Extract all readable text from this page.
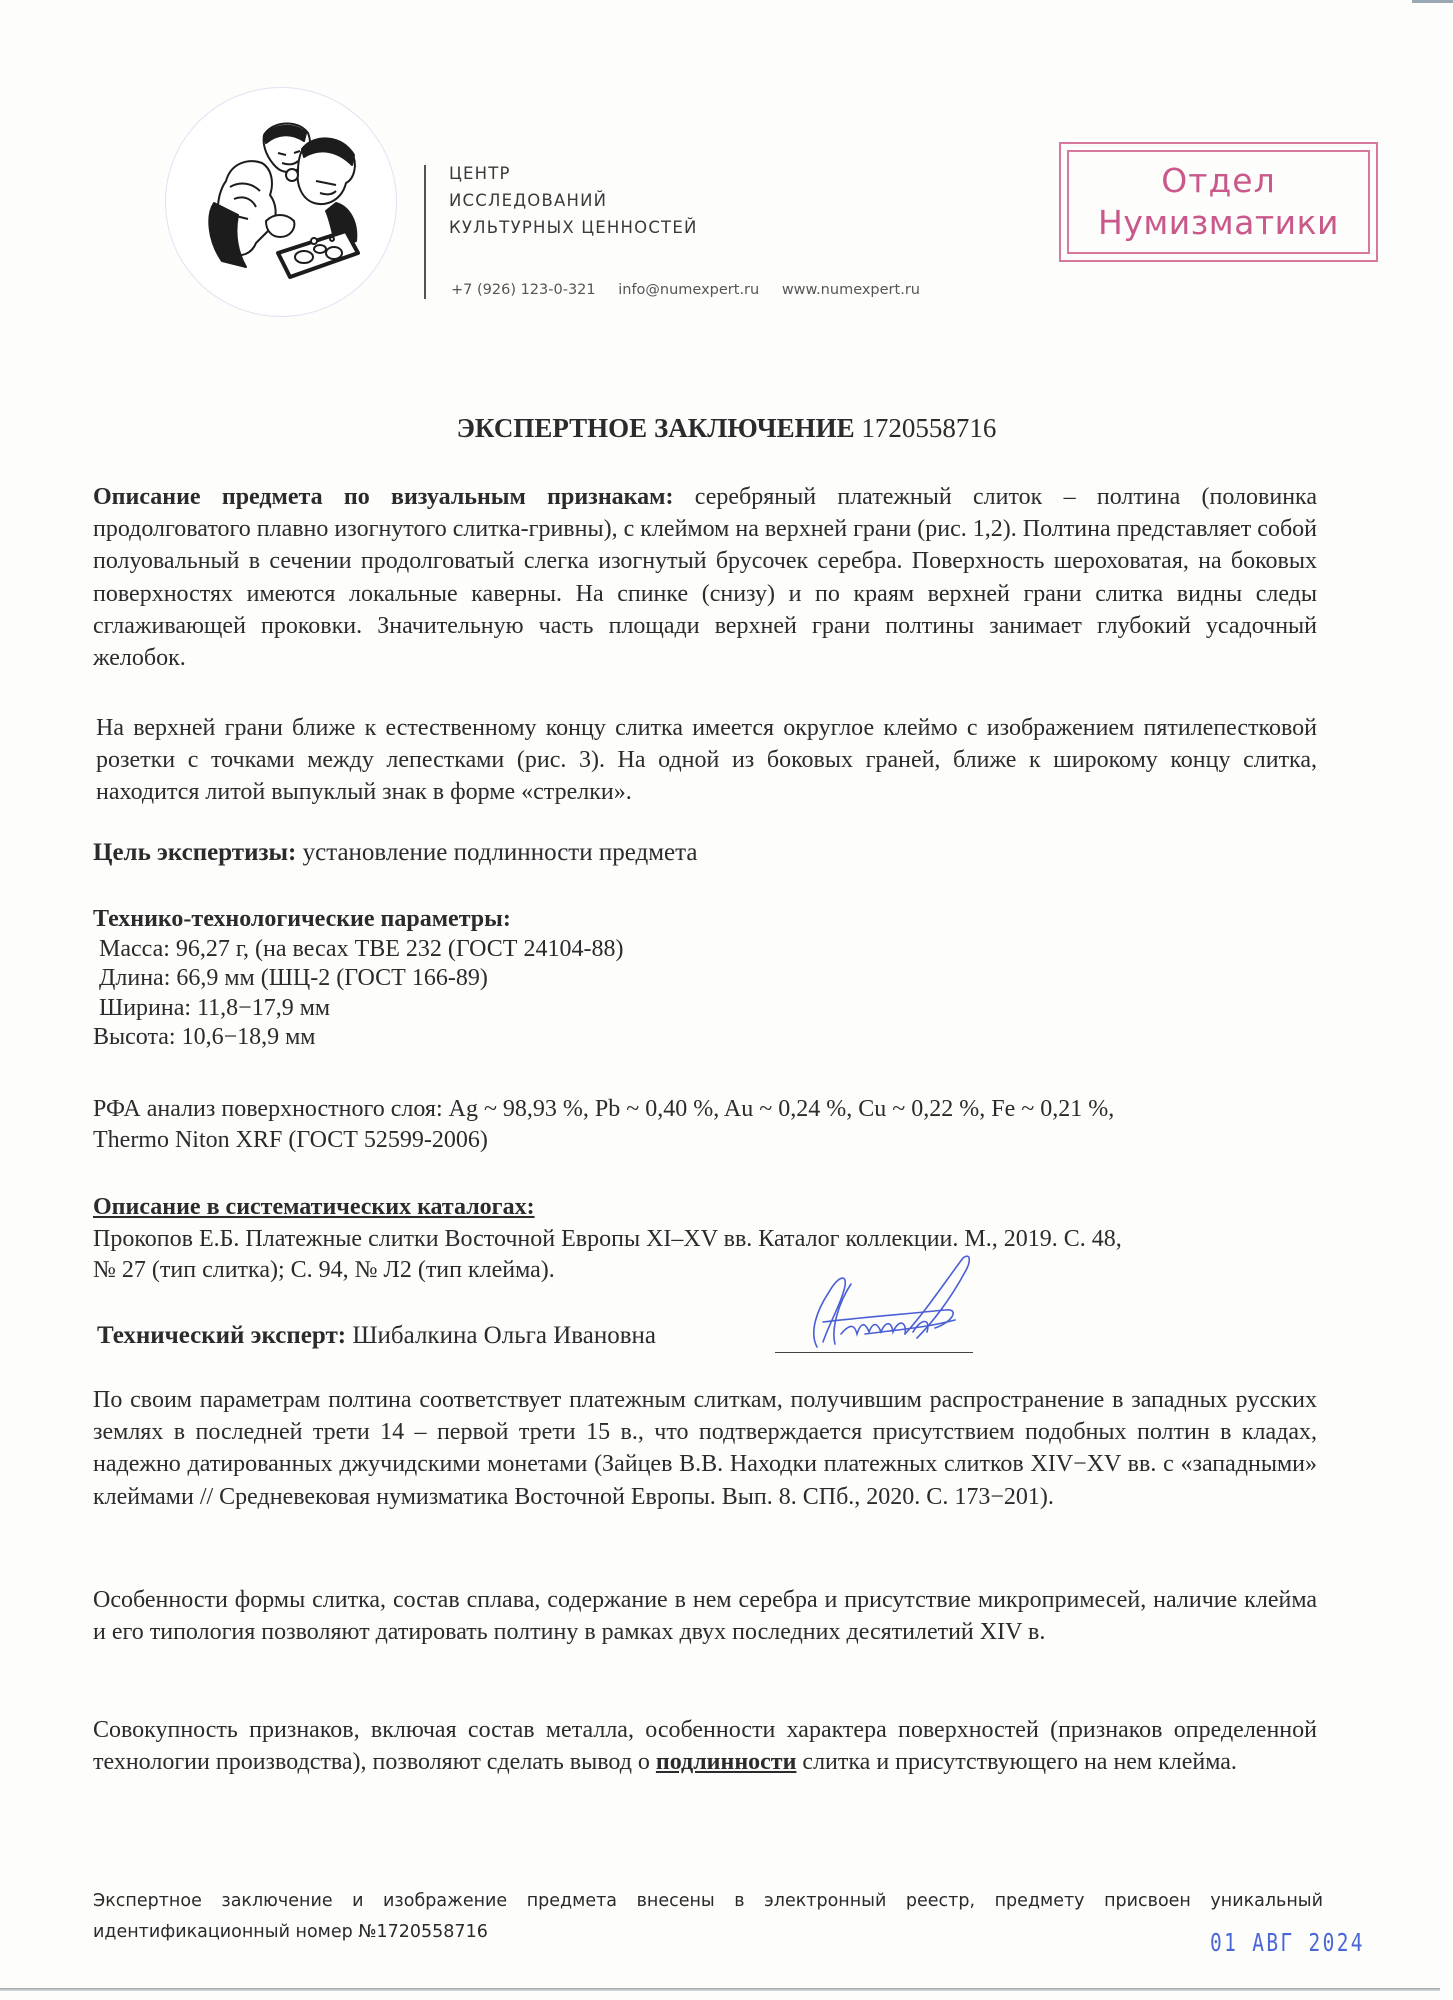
ЦЕНТР
ИССЛЕДОВАНИЙ
КУЛЬТУРНЫХ ЦЕННОСТЕЙ
+7 (926) 123-0-321 info@numexpert.ru www.numexpert.ru
Отдел
Нумизматики
ЭКСПЕРТНОЕ ЗАКЛЮЧЕНИЕ 1720558716
Описание предмета по визуальным признакам: серебряный платежный слиток – полтина (половинка продолговатого плавно изогнутого слитка-гривны), с клеймом на верхней грани (рис. 1,2). Полтина представляет собой полуовальный в сечении продолговатый слегка изогнутый брусочек серебра. Поверхность шероховатая, на боковых поверхностях имеются локальные каверны. На спинке (снизу) и по краям верхней грани слитка видны следы сглаживающей проковки. Значительную часть площади верхней грани полтины занимает глубокий усадочный желобок.
На верхней грани ближе к естественному концу слитка имеется округлое клеймо с изображением пятилепестковой розетки с точками между лепестками (рис. 3). На одной из боковых граней, ближе к широкому концу слитка, находится литой выпуклый знак в форме «стрелки».
Цель экспертизы: установление подлинности предмета
Технико-технологические параметры:
Масса: 96,27 г, (на весах ТВЕ 232 (ГОСТ 24104-88)
Длина: 66,9 мм (ШЦ-2 (ГОСТ 166-89)
Ширина: 11,8−17,9 мм
Высота: 10,6−18,9 мм
РФА анализ поверхностного слоя: Ag ~ 98,93 %, Pb ~ 0,40 %, Au ~ 0,24 %, Cu ~ 0,22 %, Fe ~ 0,21 %,
Thermo Niton XRF (ГОСТ 52599-2006)
Описание в систематических каталогах:
Прокопов Е.Б. Платежные слитки Восточной Европы XI–XV вв. Каталог коллекции. М., 2019. С. 48,
№ 27 (тип слитка); С. 94, № Л2 (тип клейма).
Технический эксперт: Шибалкина Ольга Ивановна
По своим параметрам полтина соответствует платежным слиткам, получившим распространение в западных русских землях в последней трети 14 – первой трети 15 в., что подтверждается присутствием подобных полтин в кладах, надежно датированных джучидскими монетами (Зайцев В.В. Находки платежных слитков XIV−XV вв. с «западными» клеймами // Средневековая нумизматика Восточной Европы. Вып. 8. СПб., 2020. С. 173−201).
Особенности формы слитка, состав сплава, содержание в нем серебра и присутствие микропримесей, наличие клейма и его типология позволяют датировать полтину в рамках двух последних десятилетий XIV в.
Совокупность признаков, включая состав металла, особенности характера поверхностей (признаков определенной технологии производства), позволяют сделать вывод о подлинности слитка и присутствующего на нем клейма.
Экспертное заключение и изображение предмета внесены в электронный реестр, предмету присвоен уникальный идентификационный номер №1720558716	01 АВГ 2024
